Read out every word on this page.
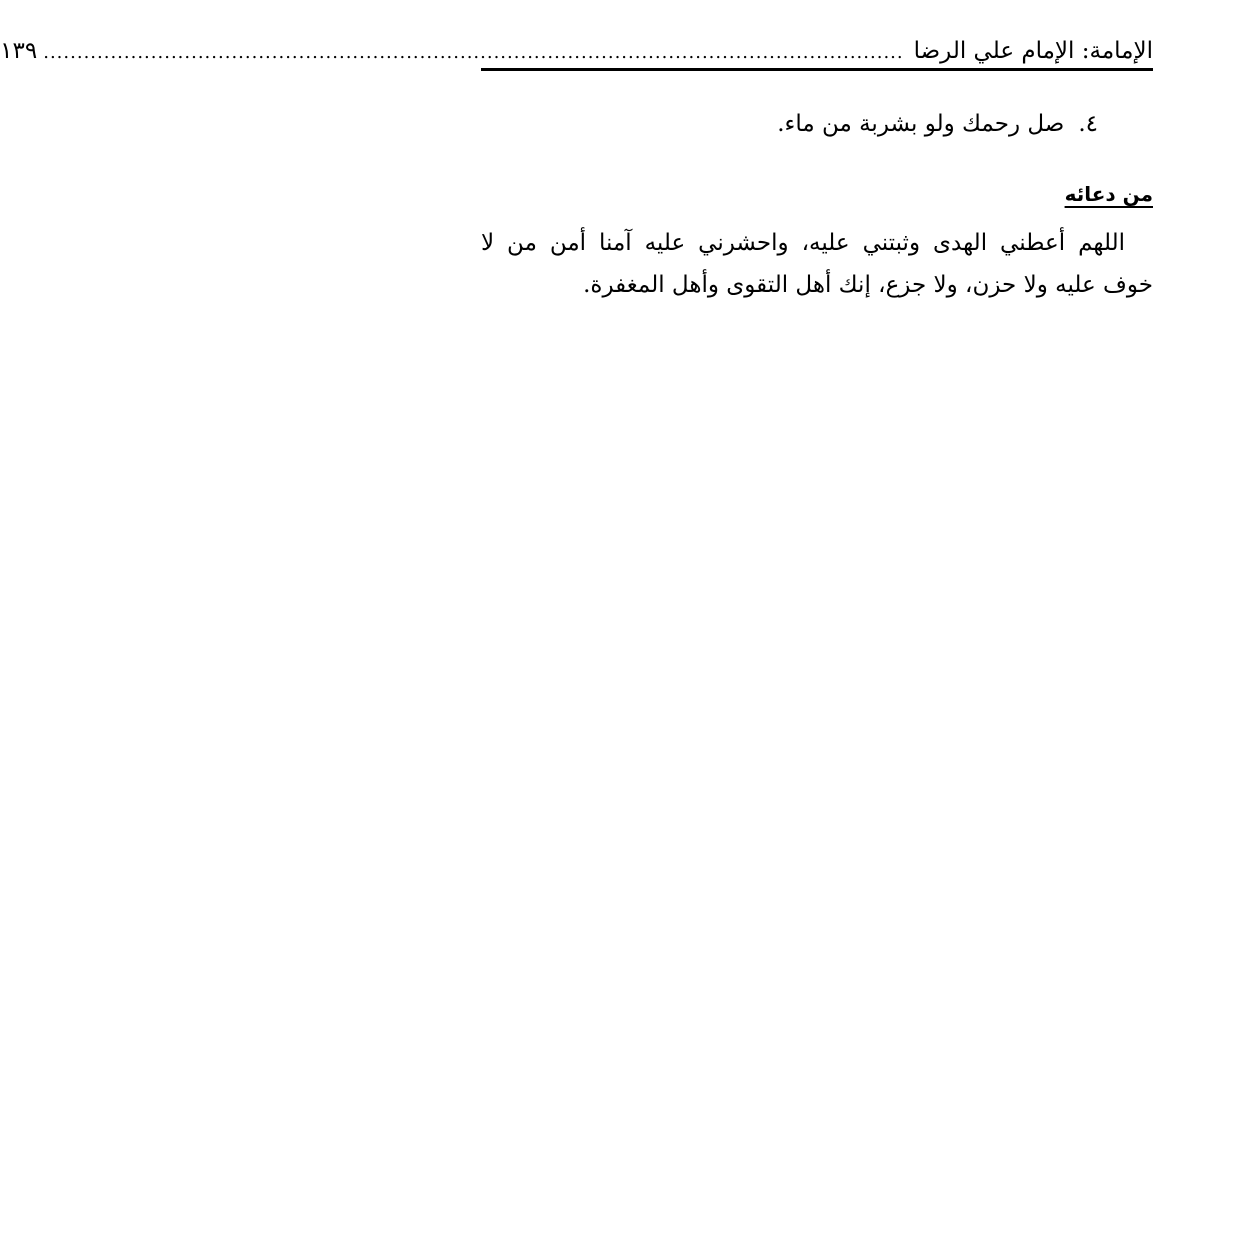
الإمامة: الإمام علي الرضا
................................................................................................................................
١٣٩
٤.صل رحمك ولو بشربة من ماء.
من دعائه

اللهم أعطني الهدى وثبتني عليه، واحشرني عليه آمنا أمن من لا خوف عليه ولا حزن، ولا جزع، إنك أهل التقوى وأهل المغفرة.
